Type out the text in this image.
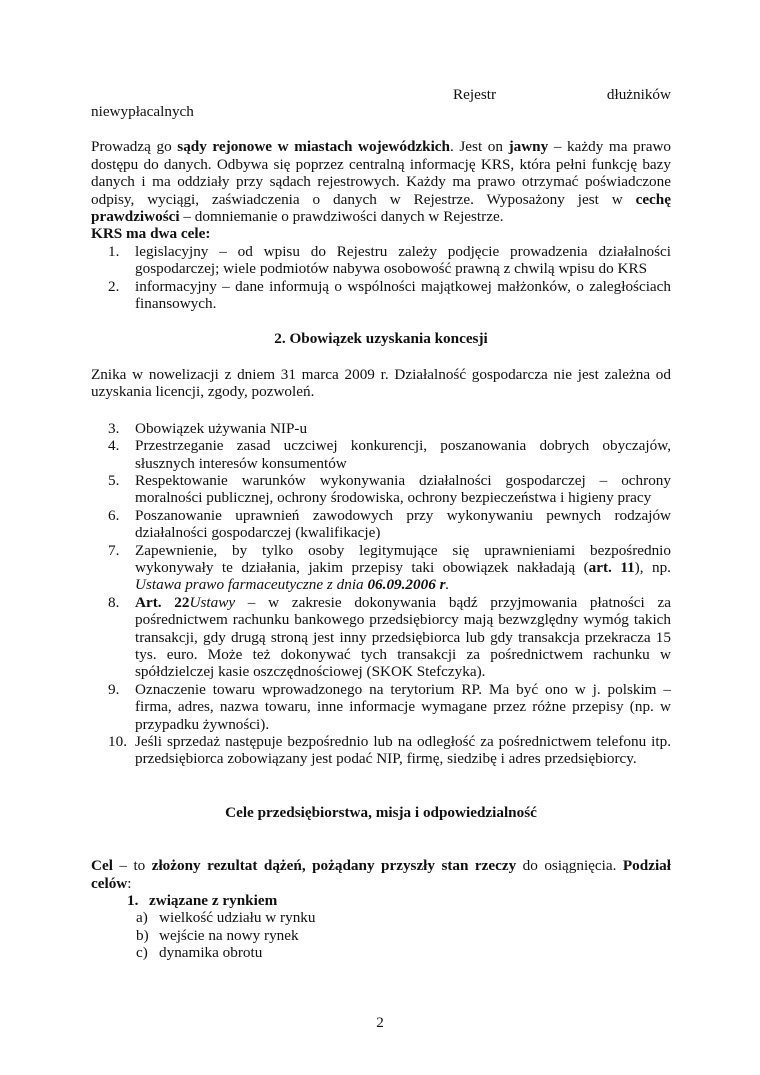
Rejestr	dłużników

niewypłacalnych

Prowadzą go sądy rejonowe w miastach wojewódzkich. Jest on jawny – każdy ma prawo dostępu do danych. Odbywa się poprzez centralną informację KRS, która pełni funkcję bazy danych i ma oddziały przy sądach rejestrowych. Każdy ma prawo otrzymać poświadczone odpisy, wyciągi, zaświadczenia o danych w Rejestrze. Wyposażony jest w cechę prawdziwości – domniemanie o prawdziwości danych w Rejestrze.

KRS ma dwa cele:

1.	legislacyjny – od wpisu do Rejestru zależy podjęcie prowadzenia działalności gospodarczej; wiele podmiotów nabywa osobowość prawną z chwilą wpisu do KRS
2.	informacyjny – dane informują o wspólności majątkowej małżonków, o zaległościach finansowych.

2. Obowiązek uzyskania koncesji

Znika w nowelizacji z dniem 31 marca 2009 r. Działalność gospodarcza nie jest zależna od uzyskania licencji, zgody, pozwoleń.

3.	Obowiązek używania NIP-u
4.	Przestrzeganie zasad uczciwej konkurencji, poszanowania dobrych obyczajów, słusznych interesów konsumentów
5.	Respektowanie warunków wykonywania działalności gospodarczej – ochrony moralności publicznej, ochrony środowiska, ochrony bezpieczeństwa i higieny pracy
6.	Poszanowanie uprawnień zawodowych przy wykonywaniu pewnych rodzajów działalności gospodarczej (kwalifikacje)
7.	Zapewnienie, by tylko osoby legitymujące się uprawnieniami bezpośrednio wykonywały te działania, jakim przepisy taki obowiązek nakładają (art. 11), np. Ustawa prawo farmaceutyczne z dnia 06.09.2006 r.
8.	Art. 22Ustawy – w zakresie dokonywania bądź przyjmowania płatności za pośrednictwem rachunku bankowego przedsiębiorcy mają bezwzględny wymóg takich transakcji, gdy drugą stroną jest inny przedsiębiorca lub gdy transakcja przekracza 15 tys. euro. Może też dokonywać tych transakcji za pośrednictwem rachunku w spółdzielczej kasie oszczędnościowej (SKOK Stefczyka).
9.	Oznaczenie towaru wprowadzonego na terytorium RP. Ma być ono w j. polskim – firma, adres, nazwa towaru, inne informacje wymagane przez różne przepisy (np. w przypadku żywności).
10. Jeśli sprzedaż następuje bezpośrednio lub na odległość za pośrednictwem telefonu itp. przedsiębiorca zobowiązany jest podać NIP, firmę, siedzibę i adres przedsiębiorcy.

Cele przedsiębiorstwa, misja i odpowiedzialność

Cel – to złożony rezultat dążeń, pożądany przyszły stan rzeczy do osiągnięcia. Podział celów:

1. związane z rynkiem
a) wielkość udziału w rynku
b) wejście na nowy rynek
c) dynamika obrotu
2
